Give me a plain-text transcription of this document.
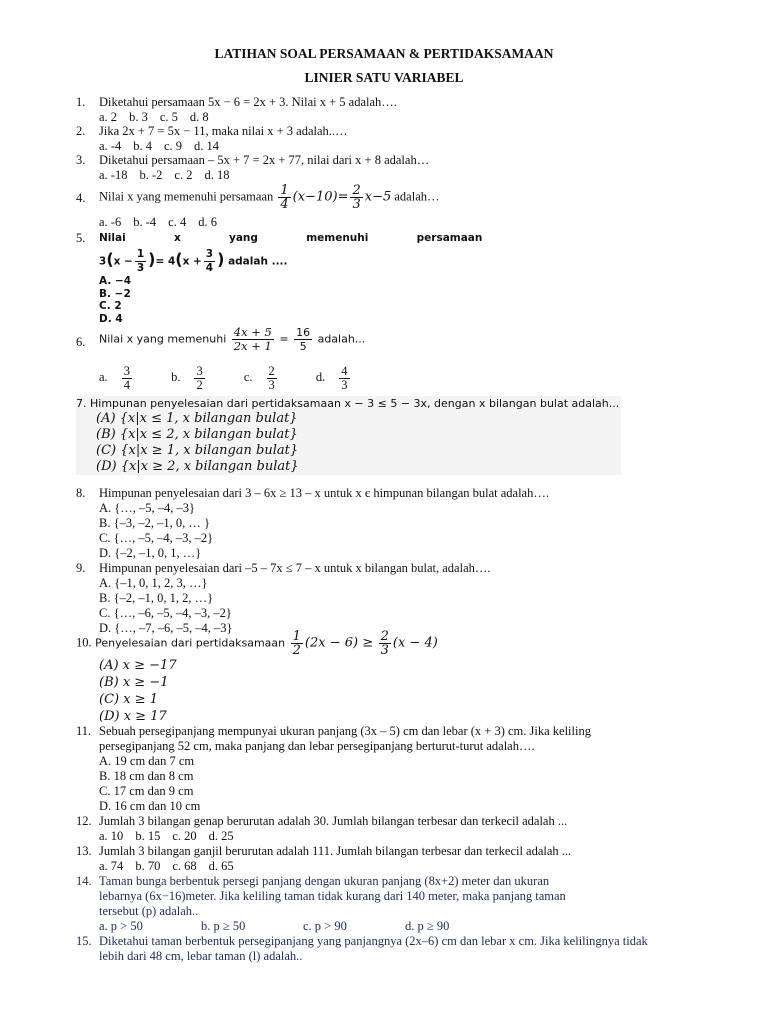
LATIHAN SOAL PERSAMAAN & PERTIDAKSAMAAN
LINIER SATU VARIABEL
1.	Diketahui persamaan 5x − 6 = 2x + 3. Nilai x + 5 adalah….
a. 2 b. 3 c. 5 d. 8
2.	Jika 2x + 7 = 5x − 11, maka nilai x + 3 adalah..…
a. -4 b. 4 c. 9 d. 14
3.	Diketahui persamaan – 5x + 7 = 2x + 77, nilai dari x + 8 adalah…
a. -18 b. -2 c. 2 d. 18
4.	Nilai x yang memenuhi persamaan $\frac{1}{4} (x-10)= \frac{2}{3} x-5$ adalah…
a. -6 b. -4 c. 4 d. 6
5.	Nilai     x     yang     memenuhi     persamaan
$3(x - \frac{1}{3}$ )= $4(x + \frac{3}{4}$ ) adalah ....
A. −4
B. −2
C. 2
D. 4
6.	Nilai x yang memenuhi $\frac{4x + 5}{2x + 1} = \frac{16}{5}$ adalah...
a. $\frac{3}{4} b$. $\frac{3}{2} c$. $\frac{2}{3} d$. $\frac{4}{3}$
7. Himpunan penyelesaian dari pertidaksamaan x − 3 ≤ 5 − 3x, dengan x bilangan bulat adalah...
(A) {x|x ≤ 1, x bilangan bulat}
(B) {x|x ≤ 2, x bilangan bulat}
(C) {x|x ≥ 1, x bilangan bulat}
(D) {x|x ≥ 2, x bilangan bulat}
8.	Himpunan penyelesaian dari 3 – 6x ≥ 13 – x untuk x є himpunan bilangan bulat adalah….
A. {…, –5, –4, –3}
B. {–3, –2, –1, 0, … }
C. {…, –5, –4, –3, –2}
D. {–2, –1, 0, 1, …}
9.	Himpunan penyelesaian dari –5 – 7x ≤ 7 – x untuk x bilangan bulat, adalah….
A. {–1, 0, 1, 2, 3, …}
B. {–2, –1, 0, 1, 2, …}
C. {…, –6, –5, –4, –3, –2}
D. {…, –7, –6, –5, –4, –3}
10. Penyelesaian dari pertidaksamaan $\frac{1}{2} (2x - 6) \ge \frac{2}{3} (x - 4)$
(A) x ≥ −17
(B) x ≥ −1
(C) x ≥ 1
(D) x ≥ 17
11. Sebuah persegipanjang mempunyai ukuran panjang (3x – 5) cm dan lebar (x + 3) cm. Jika keliling
persegipanjang 52 cm, maka panjang dan lebar persegipanjang berturut-turut adalah….
A. 19 cm dan 7 cm
B. 18 cm dan 8 cm
C. 17 cm dan 9 cm
D. 16 cm dan 10 cm
12. Jumlah 3 bilangan genap berurutan adalah 30. Jumlah bilangan terbesar dan terkecil adalah ...
a. 10 b. 15 c. 20 d. 25
13. Jumlah 3 bilangan ganjil berurutan adalah 111. Jumlah bilangan terbesar dan terkecil adalah ...
a. 74 b. 70 c. 68 d. 65
14. Taman bunga berbentuk persegi panjang dengan ukuran panjang (8x+2) meter dan ukuran
lebarnya (6x−16)meter. Jika keliling taman tidak kurang dari 140 meter, maka panjang taman
tersebut (p) adalah..
a. p > 50	b. p ≥ 50	c. p > 90	d. p ≥ 90
15. Diketahui taman berbentuk persegipanjang yang panjangnya (2x–6) cm dan lebar x cm. Jika kelilingnya tidak
lebih dari 48 cm, lebar taman (l) adalah..
